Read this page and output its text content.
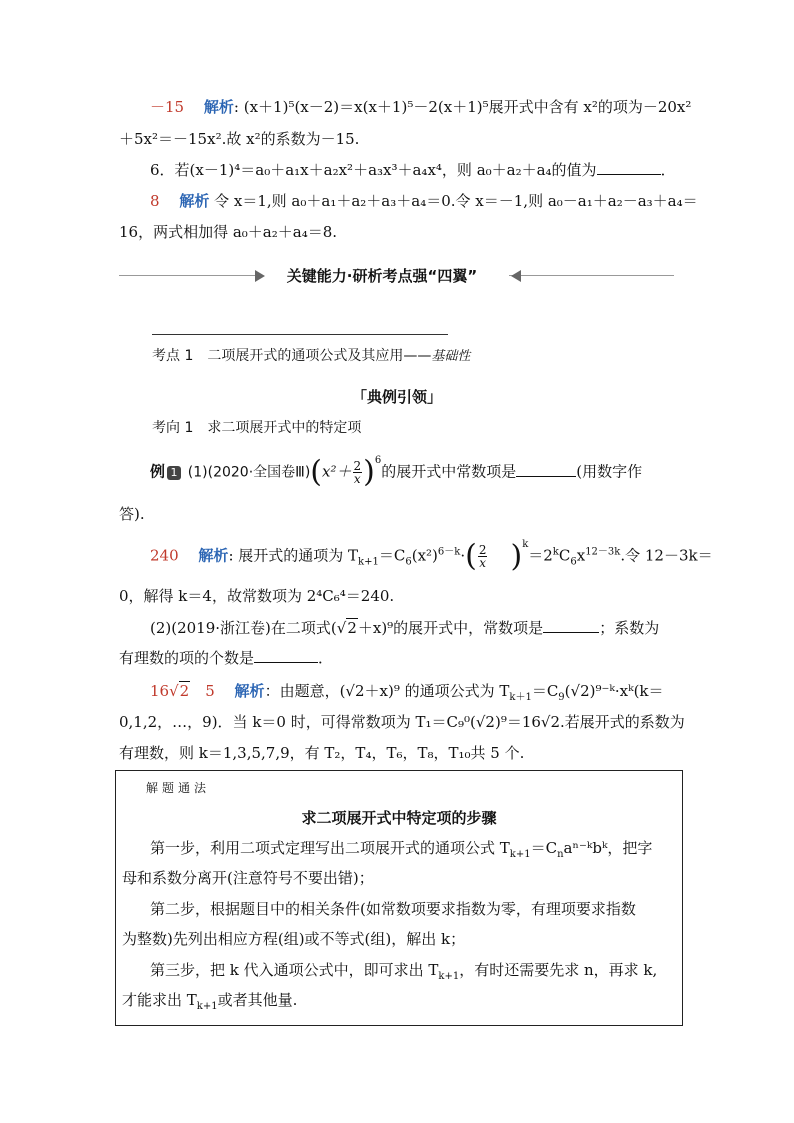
－15　 解析: (x＋1)⁵(x－2)＝x(x＋1)⁵－2(x＋1)⁵展开式中含有 x²的项为－20x²
＋5x²＝－15x².故 x²的系数为－15.
6．若(x－1)⁴＝a₀＋a₁x＋a₂x²＋a₃x³＋a₄x⁴，则 a₀＋a₂＋a₄的值为	．
8　 解析 令 x＝1,则 a₀＋a₁＋a₂＋a₃＋a₄＝0.令 x＝－1,则 a₀－a₁＋a₂－a₃＋a₄＝
16，两式相加得 a₀＋a₂＋a₄＝8.
关键能力·研析考点强“四翼”
考点 1　二项展开式的通项公式及其应用——基础性
「典例引领」
考向 1　求二项展开式中的特定项
例 1 (1)(2020·全国卷Ⅲ)(x²＋ $\frac{2}{x} )^6$的展开式中常数项是	(用数字作
答).
240　 解析: 展开式的通项为 $T_{k+1}=C_6(x^2)^{6-k}\cdot( \frac{2}{x} )^k=2^kC_6x^{12-3k}$.令 12－3k＝
0，解得 k＝4，故常数项为 2⁴C₆⁴＝240.
(2)(2019·浙江卷)在二项式(√2＋x)⁹的展开式中，常数项是	；系数为
有理数的项的个数是	．
16√2　 5　 解析：由题意，(√2＋x)⁹ 的通项公式为 $T_{k+1}=C_9(√2)^{9-}ᵏ\cdot xᵏ(k=$
0,1,2，…，9)．当 k＝0 时，可得常数项为 T₁＝C₉⁰(√2)⁹＝16√2.若展开式的系数为
有理数，则 k＝1,3,5,7,9，有 T₂，T₄，T₆，T₈，T₁₀共 5 个.
解题通法
求二项展开式中特定项的步骤
第一步，利用二项式定理写出二项展开式的通项公式 $T_{k+1}=C_na^{n-}ᵏbᵏ$，把字
母和系数分离开(注意符号不要出错)；
第二步，根据题目中的相关条件(如常数项要求指数为零，有理项要求指数
为整数)先列出相应方程(组)或不等式(组)，解出 k；
第三步，把 k 代入通项公式中，即可求出 $T_{k+1}$，有时还需要先求 n，再求 k,
才能求出 $T_{k+1}$或者其他量.
